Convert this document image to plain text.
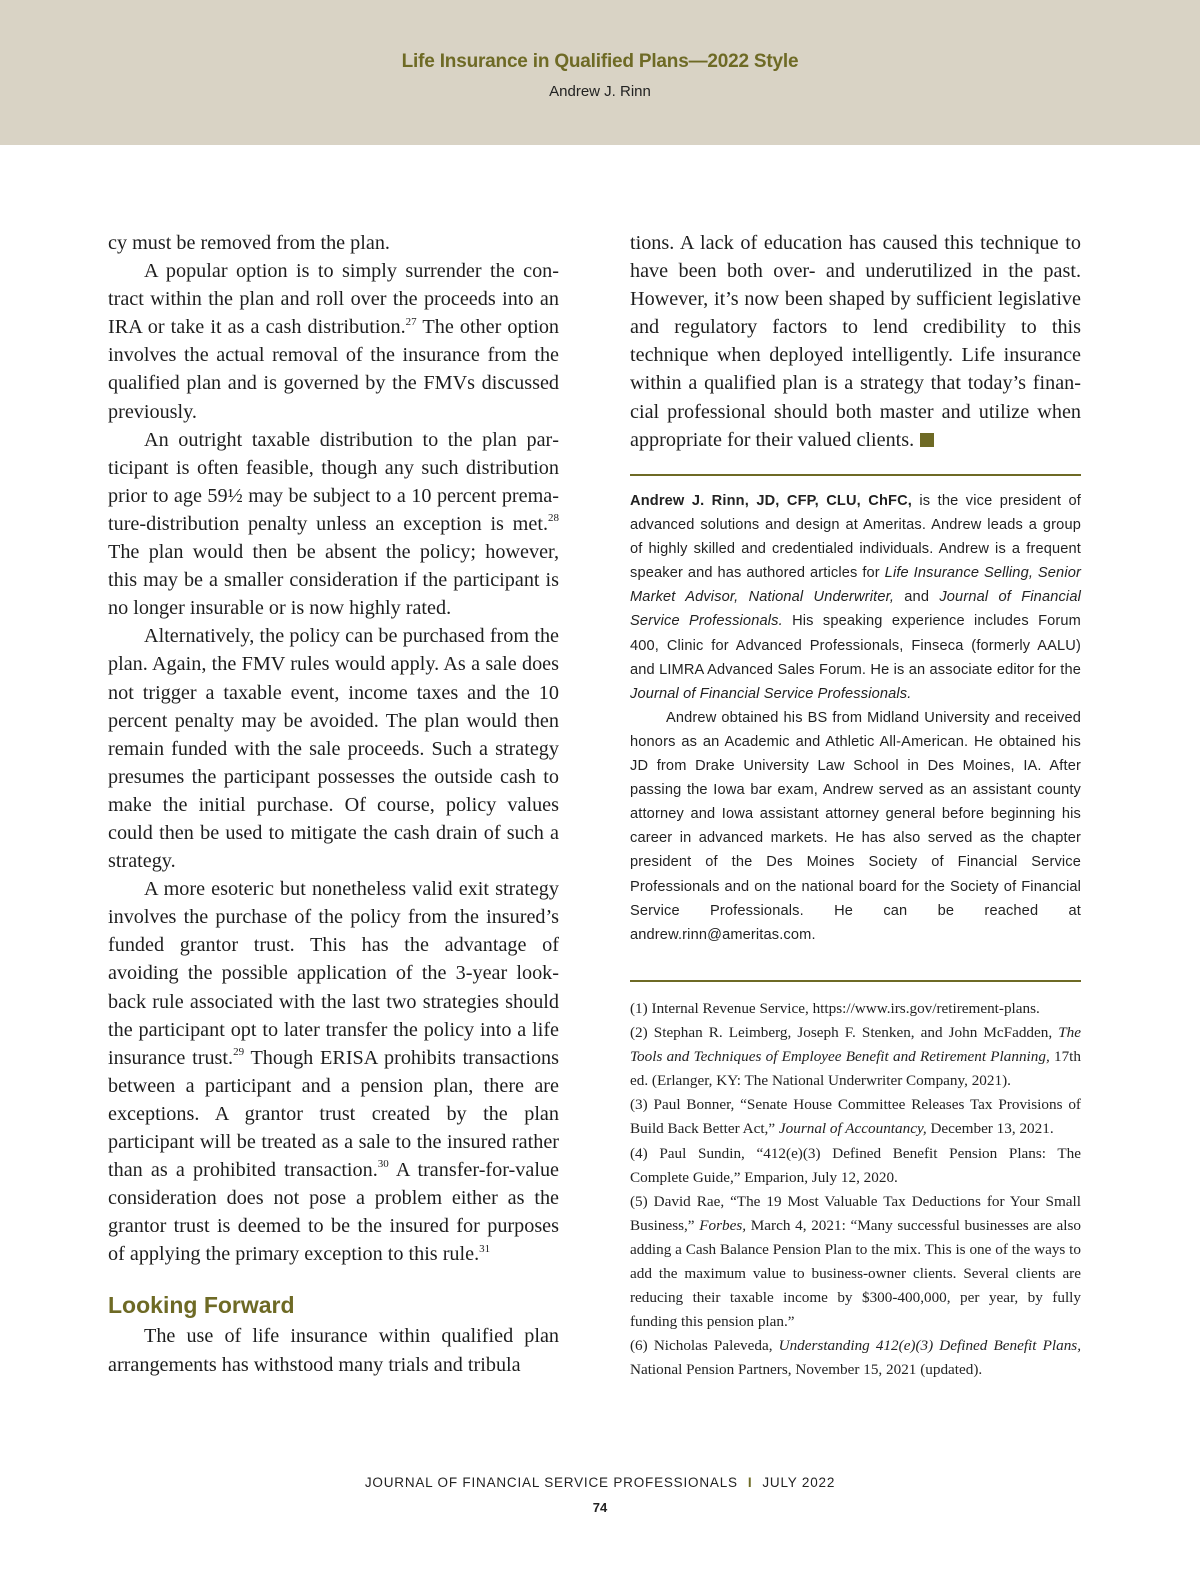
Life Insurance in Qualified Plans—2022 Style
Andrew J. Rinn

cy must be removed from the plan.

A popular option is to simply surrender the contract within the plan and roll over the proceeds into an IRA or take it as a cash distribution.$^{27}$ The other option involves the actual removal of the insurance from the qualified plan and is governed by the FMVs discussed previously.

An outright taxable distribution to the plan participant is often feasible, though any such distribution prior to age 59½ may be subject to a 10 percent premature-distribution penalty unless an exception is met.$^{28}$ The plan would then be absent the policy; however, this may be a smaller consideration if the participant is no longer insurable or is now highly rated.

Alternatively, the policy can be purchased from the plan. Again, the FMV rules would apply. As a sale does not trigger a taxable event, income taxes and the 10 percent penalty may be avoided. The plan would then remain funded with the sale proceeds. Such a strategy presumes the participant possesses the outside cash to make the initial purchase. Of course, policy values could then be used to mitigate the cash drain of such a strategy.

A more esoteric but nonetheless valid exit strategy involves the purchase of the policy from the insured’s funded grantor trust. This has the advantage of avoiding the possible application of the 3-year look-back rule associated with the last two strategies should the participant opt to later transfer the policy into a life insurance trust.$^{29}$ Though ERISA prohibits transactions between a participant and a pension plan, there are exceptions. A grantor trust created by the plan participant will be treated as a sale to the insured rather than as a prohibited transaction.$^{30}$ A transfer-for-value consideration does not pose a problem either as the grantor trust is deemed to be the insured for purposes of applying the primary exception to this rule.$^{31}$

Looking Forward

The use of life insurance within qualified plan arrangements has withstood many trials and tribula

tions. A lack of education has caused this technique to have been both over- and underutilized in the past. However, it’s now been shaped by sufficient legislative and regulatory factors to lend credibility to this technique when deployed intelligently. Life insurance within a qualified plan is a strategy that today’s financial professional should both master and utilize when appropriate for their valued clients.

Andrew J. Rinn, JD, CFP, CLU, ChFC, is the vice president of advanced solutions and design at Ameritas. Andrew leads a group of highly skilled and credentialed individuals. Andrew is a frequent speaker and has authored articles for Life Insurance Selling, Senior Market Advisor, National Underwriter, and Journal of Financial Service Professionals. His speaking experience includes Forum 400, Clinic for Advanced Professionals, Finseca (formerly AALU) and LIMRA Advanced Sales Forum. He is an associate editor for the Journal of Financial Service Professionals.

Andrew obtained his BS from Midland University and received honors as an Academic and Athletic All-American. He obtained his JD from Drake University Law School in Des Moines, IA. After passing the Iowa bar exam, Andrew served as an assistant county attorney and Iowa assistant attorney general before beginning his career in advanced markets. He has also served as the chapter president of the Des Moines Society of Financial Service Professionals and on the national board for the Society of Financial Service Professionals. He can be reached at andrew.rinn@ameritas.com.

(1) Internal Revenue Service, https://www.irs.gov/retirement-plans.

(2) Stephan R. Leimberg, Joseph F. Stenken, and John McFadden, The Tools and Techniques of Employee Benefit and Retirement Planning, 17th ed. (Erlanger, KY: The National Underwriter Company, 2021).

(3) Paul Bonner, “Senate House Committee Releases Tax Provisions of Build Back Better Act,” Journal of Accountancy, December 13, 2021.

(4) Paul Sundin, “412(e)(3) Defined Benefit Pension Plans: The Complete Guide,” Emparion, July 12, 2020.

(5) David Rae, “The 19 Most Valuable Tax Deductions for Your Small Business,” Forbes, March 4, 2021: “Many successful businesses are also adding a Cash Balance Pension Plan to the mix. This is one of the ways to add the maximum value to business-owner clients. Several clients are reducing their taxable income by $300-400,000, per year, by fully funding this pension plan.”

(6) Nicholas Paleveda, Understanding 412(e)(3) Defined Benefit Plans, National Pension Partners, November 15, 2021 (updated).

JOURNAL OF FINANCIAL SERVICE PROFESSIONALS I JULY 2022
74
